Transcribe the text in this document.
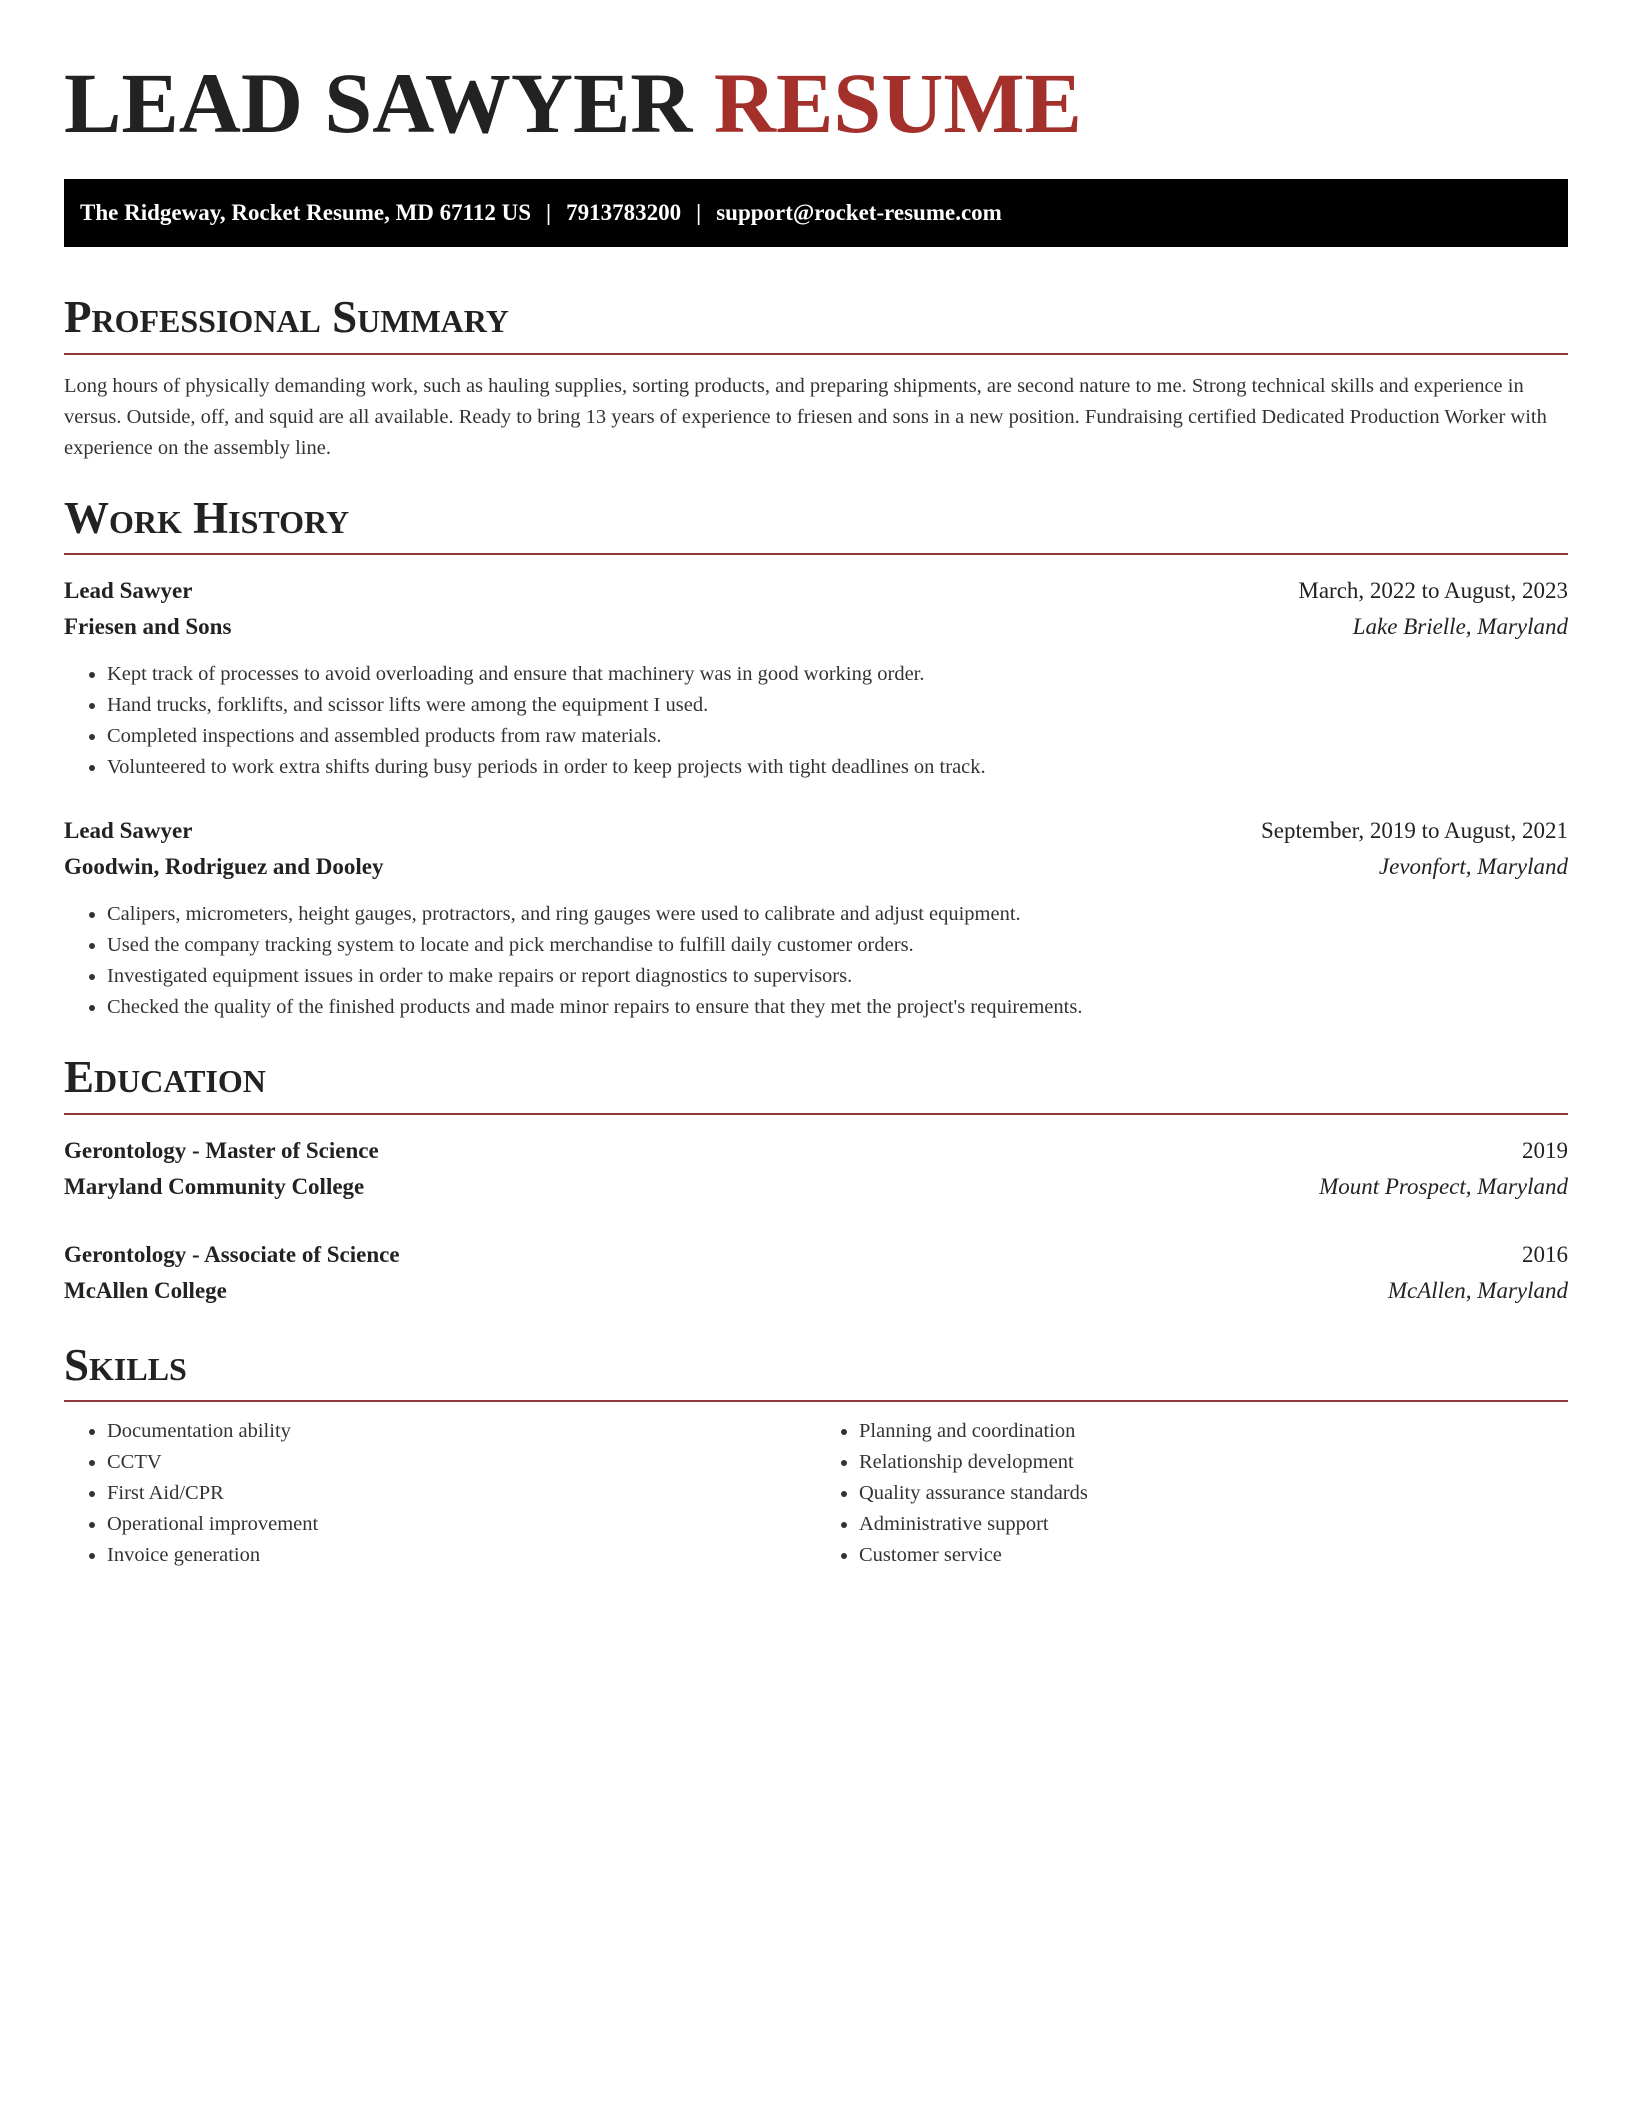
LEAD SAWYER RESUME
The Ridgeway, Rocket Resume, MD 67112 US | 7913783200 | support@rocket-resume.com
Professional Summary

Long hours of physically demanding work, such as hauling supplies, sorting products, and preparing shipments, are second nature to me. Strong technical skills and experience in versus. Outside, off, and squid are all available. Ready to bring 13 years of experience to friesen and sons in a new position. Fundraising certified Dedicated Production Worker with experience on the assembly line.

Work History
Lead Sawyer	March, 2022 to August, 2023
Friesen and Sons	Lake Brielle, Maryland
• Kept track of processes to avoid overloading and ensure that machinery was in good working order.
• Hand trucks, forklifts, and scissor lifts were among the equipment I used.
• Completed inspections and assembled products from raw materials.
• Volunteered to work extra shifts during busy periods in order to keep projects with tight deadlines on track.
Lead Sawyer	September, 2019 to August, 2021
Goodwin, Rodriguez and Dooley	Jevonfort, Maryland
• Calipers, micrometers, height gauges, protractors, and ring gauges were used to calibrate and adjust equipment.
• Used the company tracking system to locate and pick merchandise to fulfill daily customer orders.
• Investigated equipment issues in order to make repairs or report diagnostics to supervisors.
• Checked the quality of the finished products and made minor repairs to ensure that they met the project's requirements.
Education
Gerontology - Master of Science	2019
Maryland Community College	Mount Prospect, Maryland
Gerontology - Associate of Science	2016
McAllen College	McAllen, Maryland
Skills
• Documentation ability
• CCTV
• First Aid/CPR
• Operational improvement
• Invoice generation
• Planning and coordination
• Relationship development
• Quality assurance standards
• Administrative support
• Customer service
